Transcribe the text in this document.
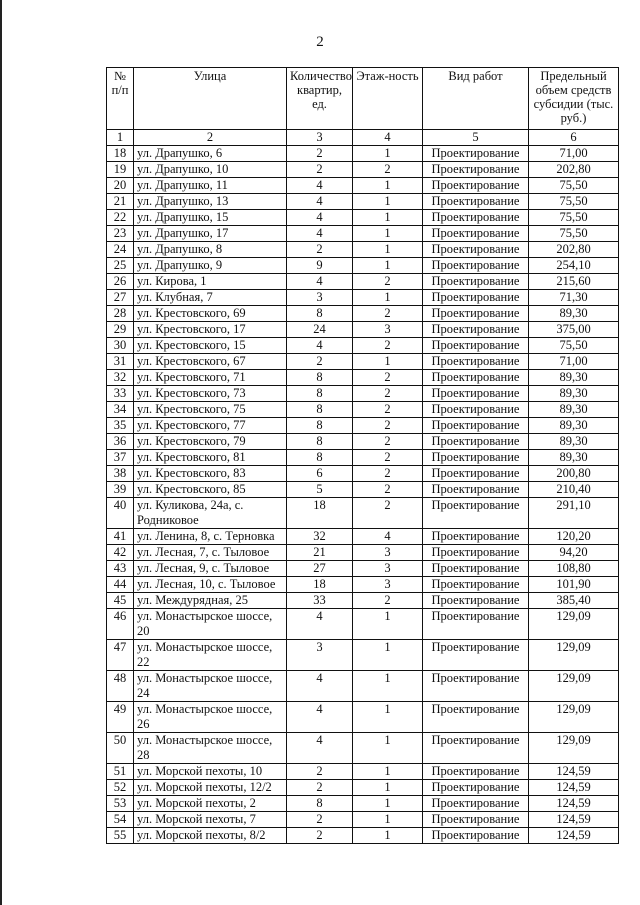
2
№ п/п	Улица	Количество квартир, ед.	Этаж-ность	Вид работ	Предельный объем средств субсидии (тыс. руб.)
1	2	3	4	5	6
18	ул. Драпушко, 6	2	1	Проектирование	71,00
19	ул. Драпушко, 10	2	2	Проектирование	202,80
20	ул. Драпушко, 11	4	1	Проектирование	75,50
21	ул. Драпушко, 13	4	1	Проектирование	75,50
22	ул. Драпушко, 15	4	1	Проектирование	75,50
23	ул. Драпушко, 17	4	1	Проектирование	75,50
24	ул. Драпушко, 8	2	1	Проектирование	202,80
25	ул. Драпушко, 9	9	1	Проектирование	254,10
26	ул. Кирова, 1	4	2	Проектирование	215,60
27	ул. Клубная, 7	3	1	Проектирование	71,30
28	ул. Крестовского, 69	8	2	Проектирование	89,30
29	ул. Крестовского, 17	24	3	Проектирование	375,00
30	ул. Крестовского, 15	4	2	Проектирование	75,50
31	ул. Крестовского, 67	2	1	Проектирование	71,00
32	ул. Крестовского, 71	8	2	Проектирование	89,30
33	ул. Крестовского, 73	8	2	Проектирование	89,30
34	ул. Крестовского, 75	8	2	Проектирование	89,30
35	ул. Крестовского, 77	8	2	Проектирование	89,30
36	ул. Крестовского, 79	8	2	Проектирование	89,30
37	ул. Крестовского, 81	8	2	Проектирование	89,30
38	ул. Крестовского, 83	6	2	Проектирование	200,80
39	ул. Крестовского, 85	5	2	Проектирование	210,40
40	ул. Куликова, 24а, с. Родниковое	18	2	Проектирование	291,10
41	ул. Ленина, 8, с. Терновка	32	4	Проектирование	120,20
42	ул. Лесная, 7, с. Тыловое	21	3	Проектирование	94,20
43	ул. Лесная, 9, с. Тыловое	27	3	Проектирование	108,80
44	ул. Лесная, 10, с. Тыловое	18	3	Проектирование	101,90
45	ул. Междурядная, 25	33	2	Проектирование	385,40
46	ул. Монастырское шоссе, 20	4	1	Проектирование	129,09
47	ул. Монастырское шоссе, 22	3	1	Проектирование	129,09
48	ул. Монастырское шоссе, 24	4	1	Проектирование	129,09
49	ул. Монастырское шоссе, 26	4	1	Проектирование	129,09
50	ул. Монастырское шоссе, 28	4	1	Проектирование	129,09
51	ул. Морской пехоты, 10	2	1	Проектирование	124,59
52	ул. Морской пехоты, 12/2	2	1	Проектирование	124,59
53	ул. Морской пехоты, 2	8	1	Проектирование	124,59
54	ул. Морской пехоты, 7	2	1	Проектирование	124,59
55	ул. Морской пехоты, 8/2	2	1	Проектирование	124,59
